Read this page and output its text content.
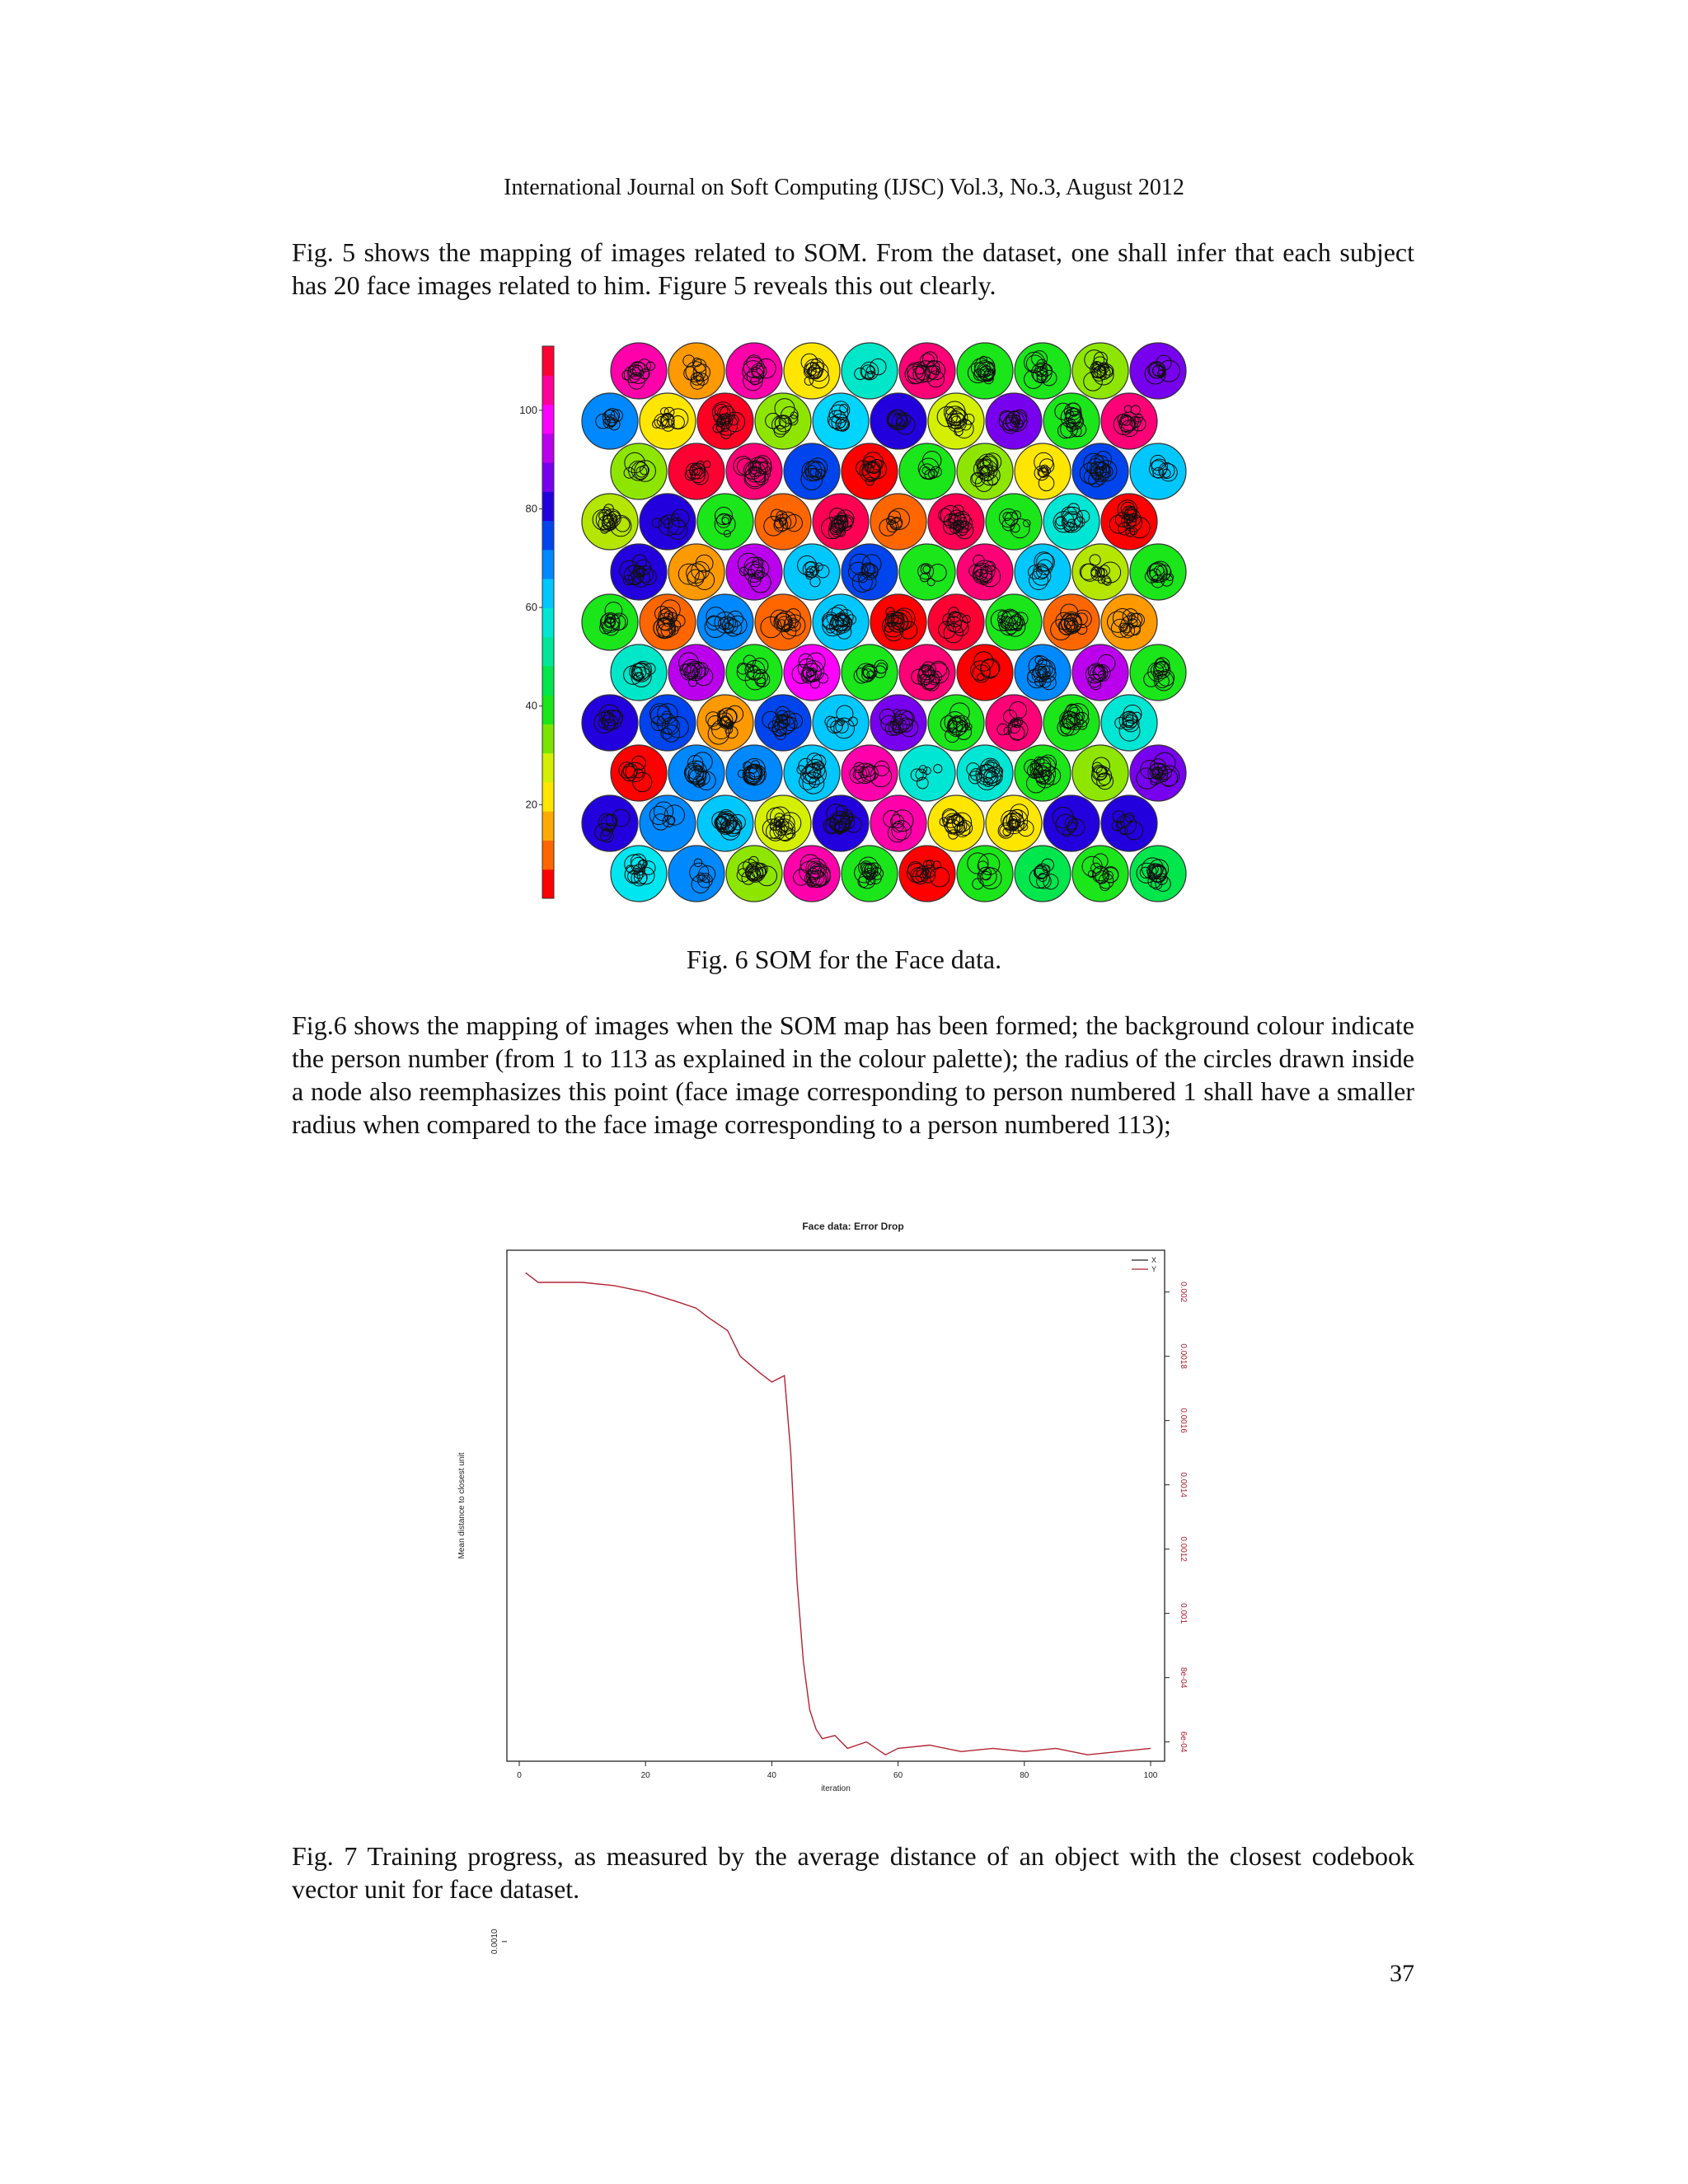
International Journal on Soft Computing (IJSC) Vol.3, No.3, August 2012

Fig. 5 shows the mapping of images related to SOM. From the dataset, one shall infer that each subject has 20 face images related to him. Figure 5 reveals this out clearly.

20
40
60
80
100
Fig. 6 SOM for the Face data.

Fig.6 shows the mapping of images when the SOM map has been formed; the background colour indicate the person number (from 1 to 113 as explained in the colour palette); the radius of the circles drawn inside a node also reemphasizes this point (face image corresponding to person numbered 1 shall have a smaller radius when compared to the face image corresponding to a person numbered 113);

Face data: Error Drop
iteration
Mean distance to closest unit
0	20	40	60	80	100
0.0010
6e-04
8e-04
0.001
0.0012
0.0014
0.0016
0.0018
0.002
X
Y

Fig. 7 Training progress, as measured by the average distance of an object with the closest codebook vector unit for face dataset.

37
